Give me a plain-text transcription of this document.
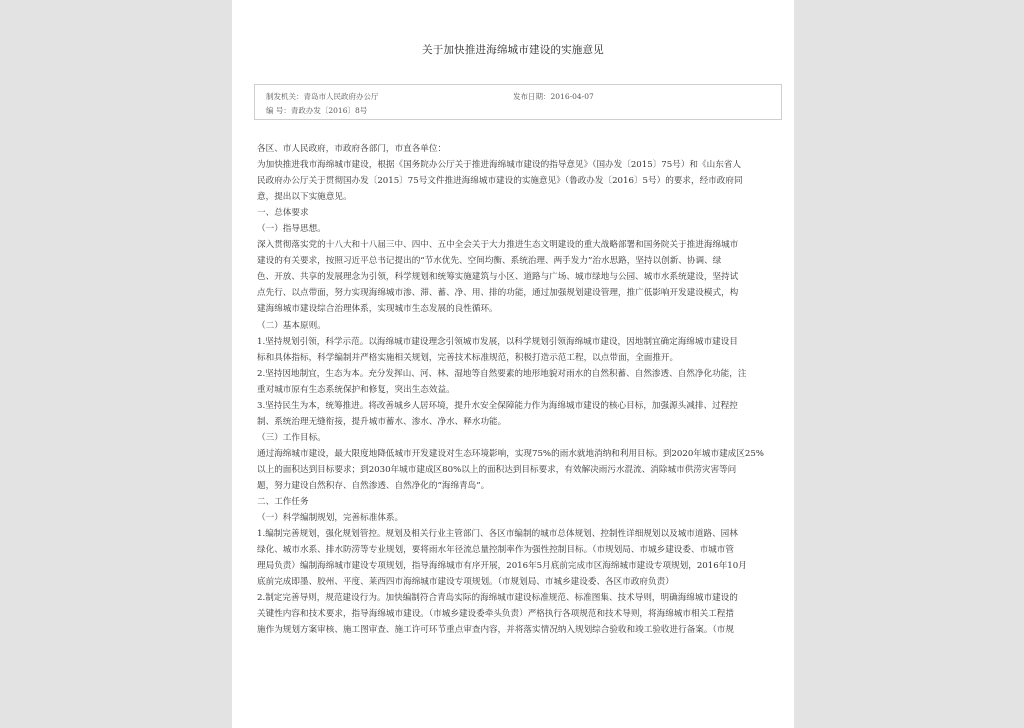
关于加快推进海绵城市建设的实施意见
制发机关：青岛市人民政府办公厅	发布日期：2016-04-07
编 号：青政办发〔2016〕8号

各区、市人民政府，市政府各部门，市直各单位：

为加快推进我市海绵城市建设，根据《国务院办公厅关于推进海绵城市建设的指导意见》（国办发〔2015〕75号）和《山东省人

民政府办公厅关于贯彻国办发〔2015〕75号文件推进海绵城市建设的实施意见》（鲁政办发〔2016〕5号）的要求，经市政府同

意，提出以下实施意见。

一、总体要求

（一）指导思想。

深入贯彻落实党的十八大和十八届三中、四中、五中全会关于大力推进生态文明建设的重大战略部署和国务院关于推进海绵城市

建设的有关要求，按照习近平总书记提出的“节水优先、空间均衡、系统治理、两手发力”治水思路，坚持以创新、协调、绿

色、开放、共享的发展理念为引领，科学规划和统筹实施建筑与小区、道路与广场、城市绿地与公园、城市水系统建设，坚持试

点先行、以点带面，努力实现海绵城市渗、滞、蓄、净、用、排的功能，通过加强规划建设管理，推广低影响开发建设模式，构

建海绵城市建设综合治理体系，实现城市生态发展的良性循环。

（二）基本原则。

1.坚持规划引领，科学示范。以海绵城市建设理念引领城市发展，以科学规划引领海绵城市建设，因地制宜确定海绵城市建设目

标和具体指标，科学编制并严格实施相关规划，完善技术标准规范，积极打造示范工程，以点带面，全面推开。

2.坚持因地制宜，生态为本。充分发挥山、河、林、湿地等自然要素的地形地貌对雨水的自然积蓄、自然渗透、自然净化功能，注

重对城市原有生态系统保护和修复，突出生态效益。

3.坚持民生为本，统筹推进。将改善城乡人居环境，提升水安全保障能力作为海绵城市建设的核心目标，加强源头减排、过程控

制、系统治理无缝衔接，提升城市蓄水、渗水、净水、释水功能。

（三）工作目标。

通过海绵城市建设，最大限度地降低城市开发建设对生态环境影响，实现75%的雨水就地消纳和利用目标。到2020年城市建成区25%

以上的面积达到目标要求；到2030年城市建成区80%以上的面积达到目标要求，有效解决雨污水混流、消除城市供涝灾害等问

题，努力建设自然积存、自然渗透、自然净化的“海绵青岛”。

二、工作任务

（一）科学编制规划，完善标准体系。

1.编制完善规划，强化规划管控。规划及相关行业主管部门、各区市编制的城市总体规划、控制性详细规划以及城市道路、园林

绿化、城市水系、排水防涝等专业规划，要将雨水年径流总量控制率作为强性控制目标。（市规划局、市城乡建设委、市城市管

理局负责）编制海绵城市建设专项规划，指导海绵城市有序开展，2016年5月底前完成市区海绵城市建设专项规划，2016年10月

底前完成即墨、胶州、平度、莱西四市海绵城市建设专项规划。（市规划局、市城乡建设委、各区市政府负责）

2.制定完善导则，规范建设行为。加快编制符合青岛实际的海绵城市建设标准规范、标准图集、技术导则，明确海绵城市建设的

关键性内容和技术要求，指导海绵城市建设。（市城乡建设委牵头负责）严格执行各项规范和技术导则，将海绵城市相关工程措

施作为规划方案审核、施工图审查、施工许可环节重点审查内容，并将落实情况纳入规划综合验收和竣工验收进行备案。（市规
